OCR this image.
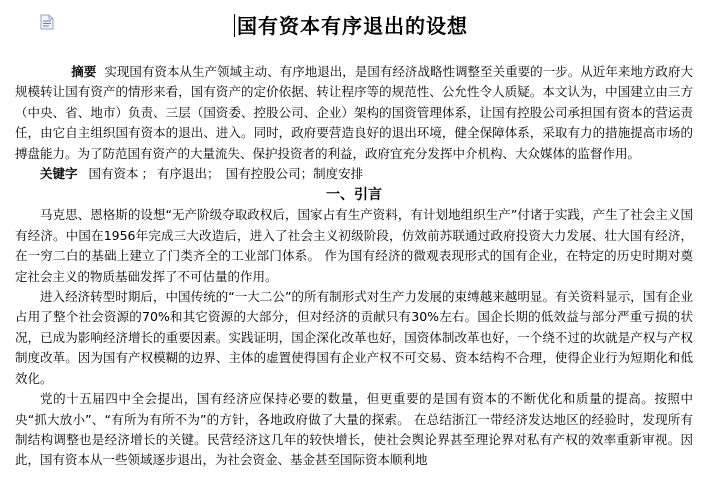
国有资本有序退出的设想

摘要 实现国有资本从生产领域主动、有序地退出，是国有经济战略性调整至关重要的一步。从近年来地方政府大规模转让国有资产的情形来看，国有资产的定价依据、转让程序等的规范性、公允性令人质疑。本文认为，中国建立由三方（中央、省、地市）负责、三层（国资委、控股公司、企业）架构的国资管理体系，让国有控股公司承担国有资本的营运责任，由它自主组织国有资本的退出、进入。同时，政府要营造良好的退出环境，健全保障体系，采取有力的措施提高市场的搏盘能力。为了防范国有资产的大量流失、保护投资者的利益，政府宜充分发挥中介机构、大众媒体的监督作用。

关键字 国有资本 ； 有序退出； 国有控股公司；制度安排

一、引言

马克思、恩格斯的设想“无产阶级夺取政权后，国家占有生产资料，有计划地组织生产”付诸于实践，产生了社会主义国有经济。中国在1956年完成三大改造后，进入了社会主义初级阶段，仿效前苏联通过政府投资大力发展、壮大国有经济，在一穷二白的基础上建立了门类齐全的工业部门体系。 作为国有经济的微观表现形式的国有企业，在特定的历史时期对奠定社会主义的物质基础发挥了不可估量的作用。

进入经济转型时期后，中国传统的“一大二公”的所有制形式对生产力发展的束缚越来越明显。有关资料显示，国有企业占用了整个社会资源的70%和其它资源的大部分，但对经济的贡献只有30%左右。国企长期的低效益与部分严重亏损的状况，已成为影响经济增长的重要因素。实践证明，国企深化改革也好，国资体制改革也好，一个绕不过的坎就是产权与产权制度改革。因为国有产权模糊的边界、主体的虚置使得国有企业产权不可交易、资本结构不合理，使得企业行为短期化和低效化。

党的十五届四中全会提出，国有经济应保持必要的数量，但更重要的是国有资本的不断优化和质量的提高。按照中央“抓大放小”、“有所为有所不为”的方针，各地政府做了大量的探索。 在总结浙江一带经济发达地区的经验时，发现所有制结构调整也是经济增长的关键。民营经济这几年的较快增长，使社会舆论界甚至理论界对私有产权的效率重新审视。因此，国有资本从一些领域逐步退出，为社会资金、基金甚至国际资本顺利地
